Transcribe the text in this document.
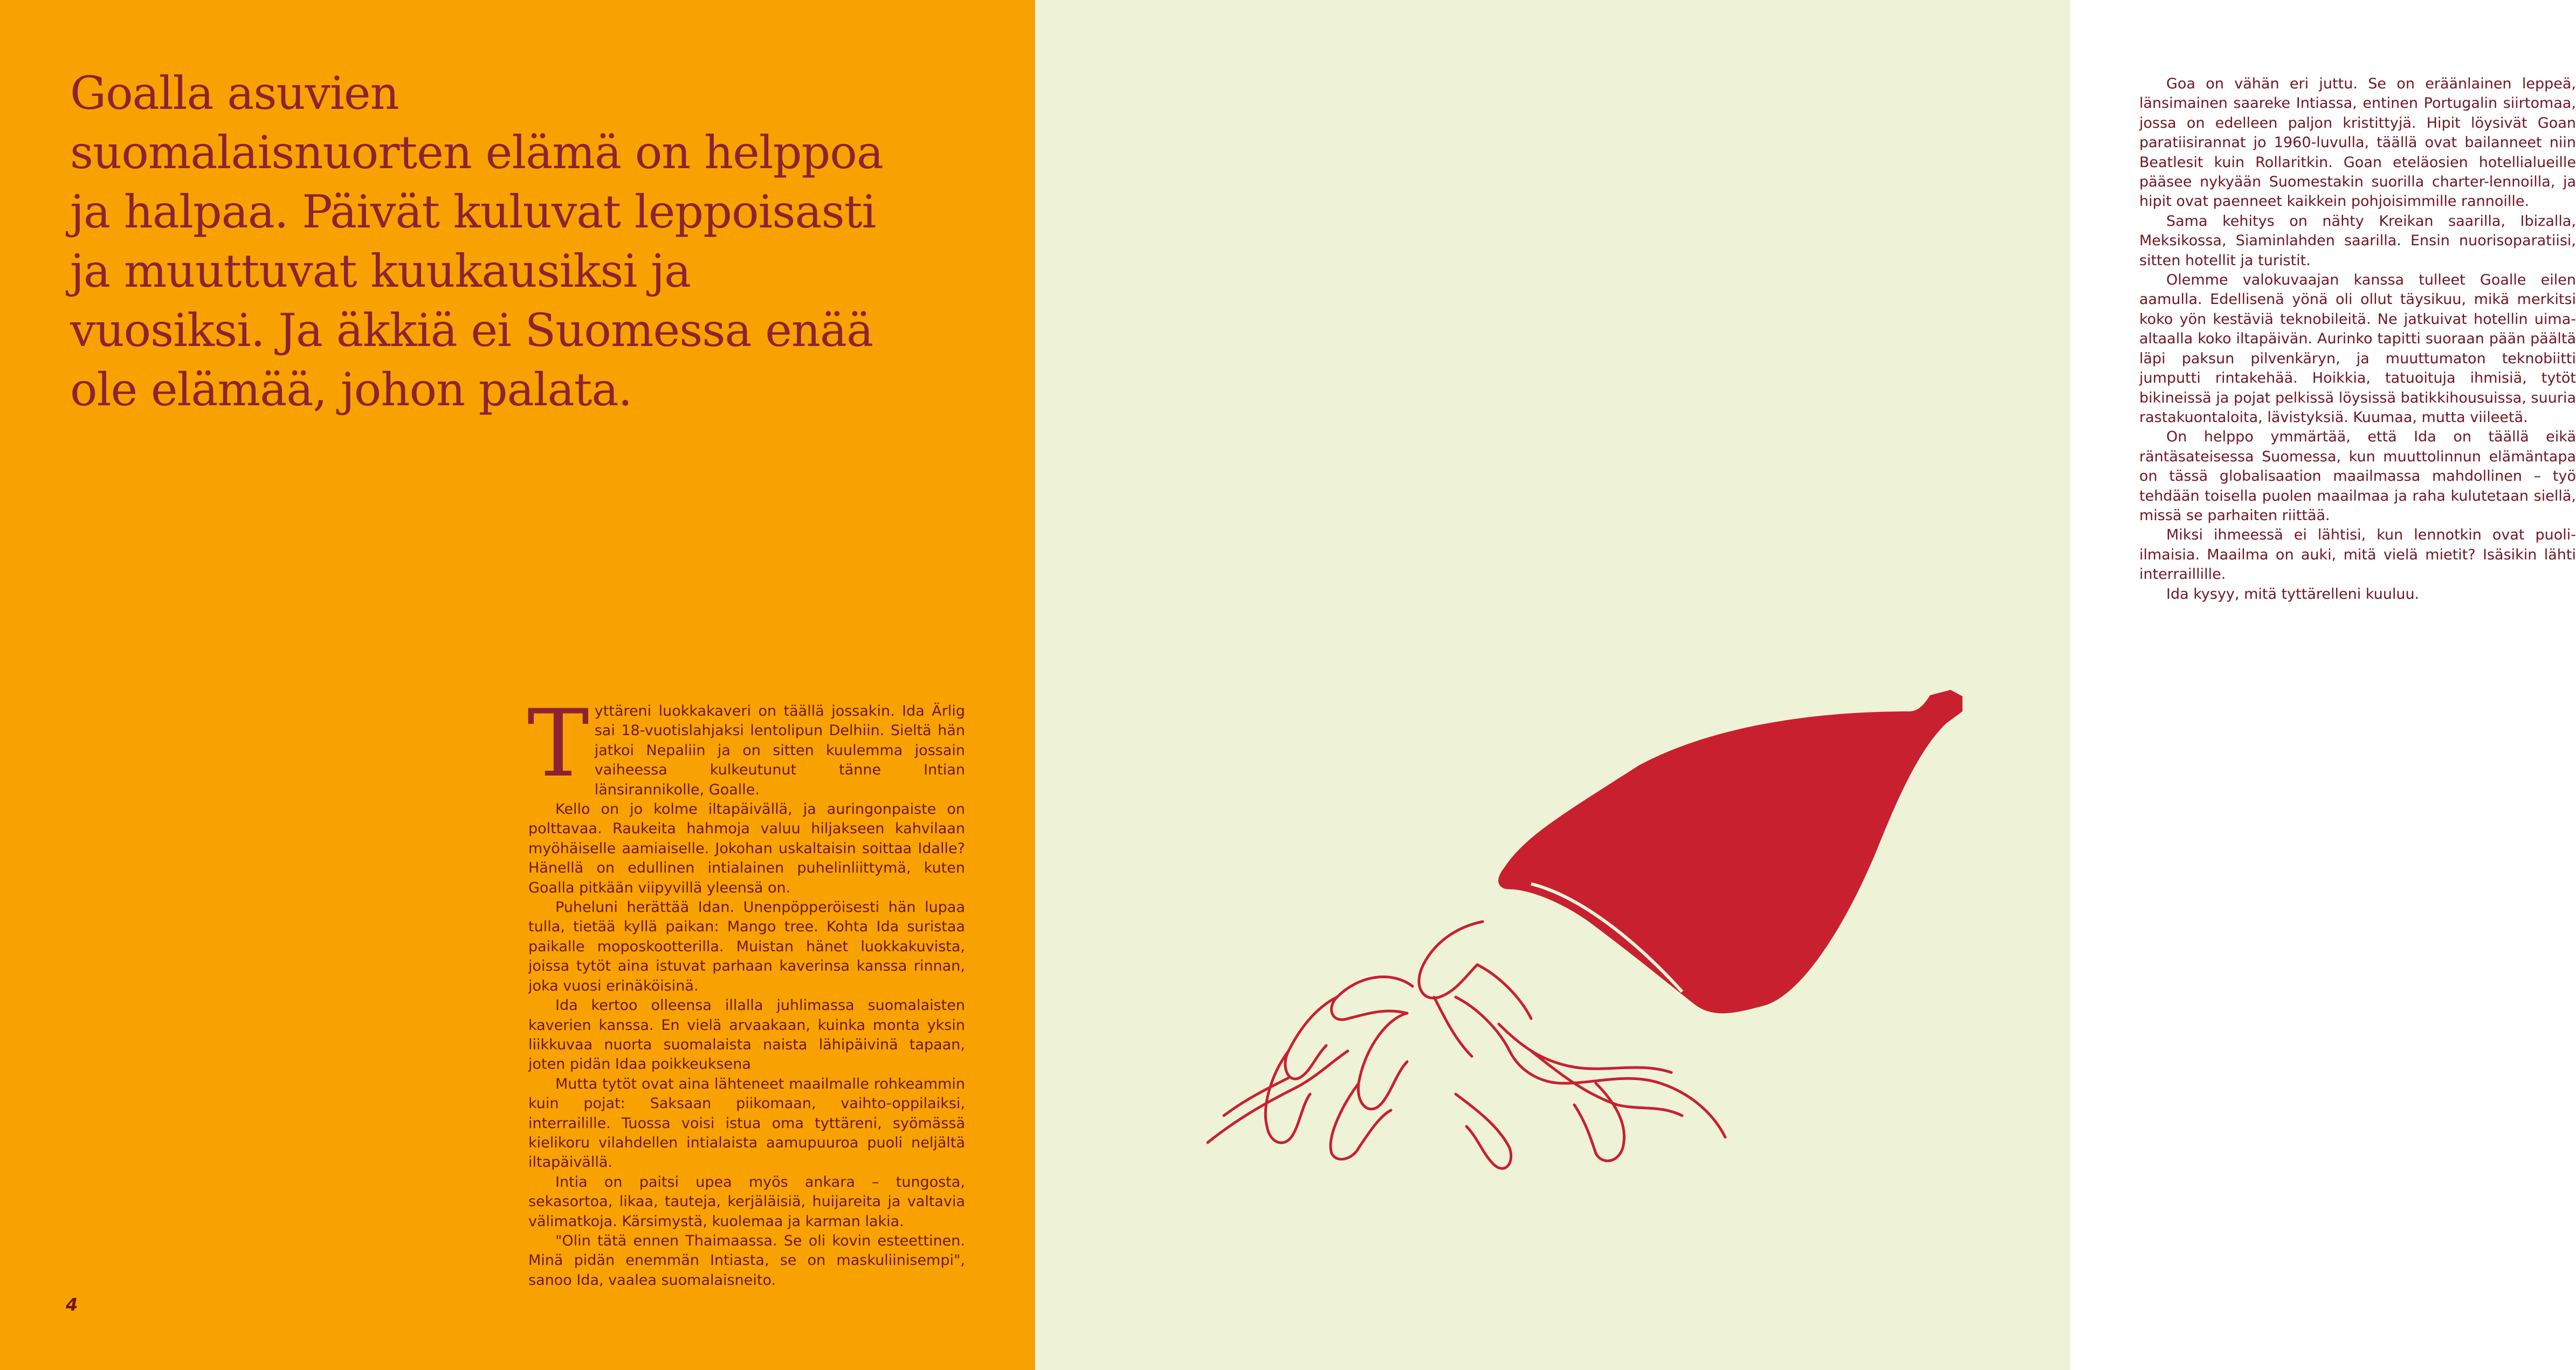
Goalla asuvien
suomalaisnuorten elämä on helppoa
ja halpaa. Päivät kuluvat leppoisasti
ja muuttuvat kuukausiksi ja
vuosiksi. Ja äkkiä ei Suomessa enää
ole elämää, johon palata.

Tyttäreni luokkakaveri on täällä jossakin. Ida Ärlig sai 18-vuotislahjaksi lentolipun Delhiin. Sieltä hän jatkoi Nepaliin ja on sitten kuulemma jossain vaiheessa kulkeutunut tänne Intian länsirannikolle, Goalle.

Kello on jo kolme iltapäivällä, ja auringonpaiste on polttavaa. Raukeita hahmoja valuu hiljakseen kahvilaan myöhäiselle aamiaiselle. Jokohan uskaltaisin soittaa Idalle? Hänellä on edullinen intialainen puhelinliittymä, kuten Goalla pitkään viipyvillä yleensä on.

Puheluni herättää Idan. Unenpöpperöisesti hän lupaa tulla, tietää kyllä paikan: Mango tree. Kohta Ida suristaa paikalle moposkootterilla. Muistan hänet luokkakuvista, joissa tytöt aina istuvat parhaan kaverinsa kanssa rinnan, joka vuosi erinäköisinä.

Ida kertoo olleensa illalla juhlimassa suomalaisten kaverien kanssa. En vielä arvaakaan, kuinka monta yksin liikkuvaa nuorta suomalaista naista lähipäivinä tapaan, joten pidän Idaa poikkeuksena

Mutta tytöt ovat aina lähteneet maailmalle rohkeammin kuin pojat: Saksaan piikomaan, vaihto-oppilaiksi, interrailille. Tuossa voisi istua oma tyttäreni, syömässä kielikoru vilahdellen intialaista aamupuuroa puoli neljältä iltapäivällä.

Intia on paitsi upea myös ankara – tungosta, sekasortoa, likaa, tauteja, kerjäläisiä, huijareita ja valtavia välimatkoja. Kärsimystä, kuolemaa ja karman lakia.

"Olin tätä ennen Thaimaassa. Se oli kovin esteettinen. Minä pidän enemmän Intiasta, se on maskuliinisempi", sanoo Ida, vaalea suomalaisneito.

4

Goa on vähän eri juttu. Se on eräänlainen leppeä, länsimainen saareke Intiassa, entinen Portugalin siirtomaa, jossa on edelleen paljon kristittyjä. Hipit löysivät Goan paratiisirannat jo 1960-luvulla, täällä ovat bailanneet niin Beatlesit kuin Rollaritkin. Goan eteläosien hotellialueille pääsee nykyään Suomestakin suorilla charter-lennoilla, ja hipit ovat paenneet kaikkein pohjoisimmille rannoille.

Sama kehitys on nähty Kreikan saarilla, Ibizalla, Meksikossa, Siaminlahden saarilla. Ensin nuorisoparatiisi, sitten hotellit ja turistit.

Olemme valokuvaajan kanssa tulleet Goalle eilen aamulla. Edellisenä yönä oli ollut täysikuu, mikä merkitsi koko yön kestäviä teknobileitä. Ne jatkuivat hotellin uima-altaalla koko iltapäivän. Aurinko tapitti suoraan pään päältä läpi paksun pilvenkäryn, ja muuttumaton teknobiitti jumputti rintakehää. Hoikkia, tatuoituja ihmisiä, tytöt bikineissä ja pojat pelkissä löysissä batikkihousuissa, suuria rastakuontaloita, lävistyksiä. Kuumaa, mutta viileetä.

On helppo ymmärtää, että Ida on täällä eikä räntäsateisessa Suomessa, kun muuttolinnun elämäntapa on tässä globalisaation maailmassa mahdollinen – työ tehdään toisella puolen maailmaa ja raha kulutetaan siellä, missä se parhaiten riittää.

Miksi ihmeessä ei lähtisi, kun lennotkin ovat puoli-ilmaisia. Maailma on auki, mitä vielä mietit? Isäsikin lähti interraillille.

Ida kysyy, mitä tyttärelleni kuuluu.
